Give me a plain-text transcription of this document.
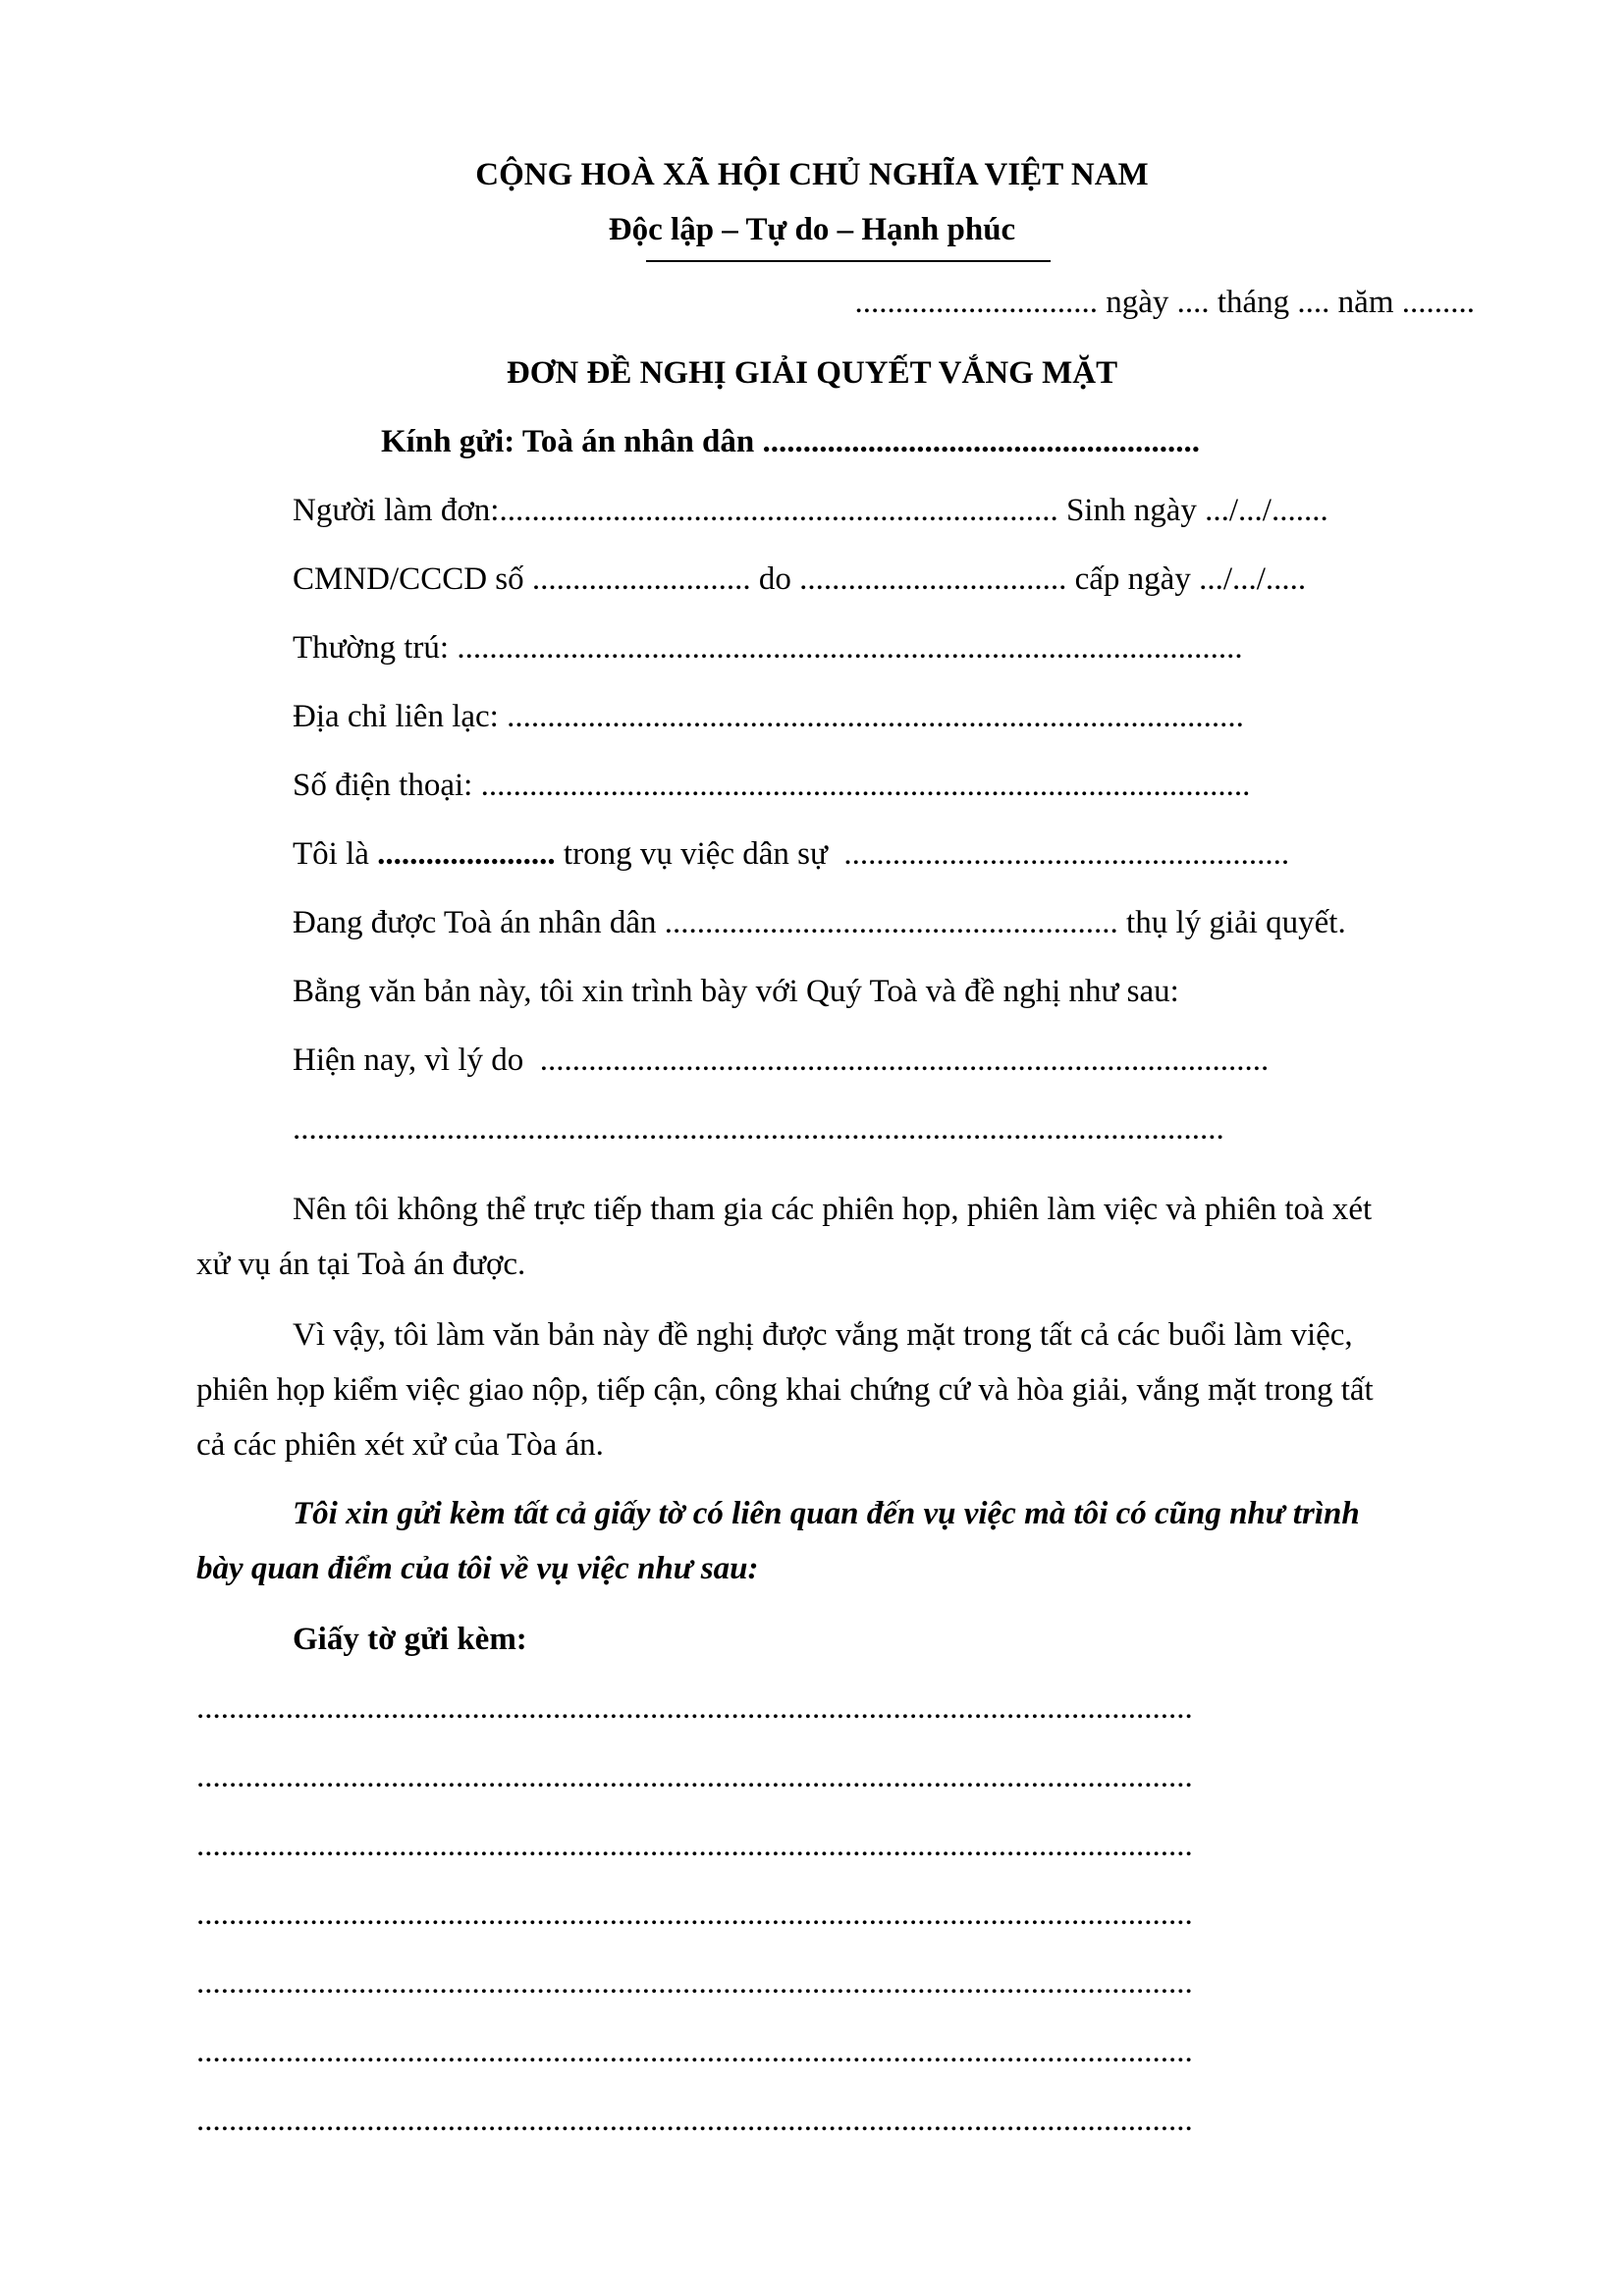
CỘNG HOÀ XÃ HỘI CHỦ NGHĨA VIỆT NAM
Độc lập – Tự do – Hạnh phúc
.............................. ngày .... tháng .... năm .........
ĐƠN ĐỀ NGHỊ GIẢI QUYẾT VẮNG MẶT
Kính gửi: Toà án nhân dân ......................................................
Người làm đơn:..................................................................... Sinh ngày .../.../.......
CMND/CCCD số ........................... do ................................. cấp ngày .../.../.....
Thường trú: .................................................................................................
Địa chỉ liên lạc: ...........................................................................................
Số điện thoại: ...............................................................................................
Tôi là ...................... trong vụ việc dân sự  .......................................................
Đang được Toà án nhân dân ........................................................ thụ lý giải quyết.
Bằng văn bản này, tôi xin trình bày với Quý Toà và đề nghị như sau:
Hiện nay, vì lý do  ..........................................................................................
...................................................................................................................
Nên tôi không thể trực tiếp tham gia các phiên họp, phiên làm việc và phiên toà xét
xử vụ án tại Toà án được.
Vì vậy, tôi làm văn bản này đề nghị được vắng mặt trong tất cả các buổi làm việc,
phiên họp kiểm việc giao nộp, tiếp cận, công khai chứng cứ và hòa giải, vắng mặt trong tất
cả các phiên xét xử của Tòa án.
Tôi xin gửi kèm tất cả giấy tờ có liên quan đến vụ việc mà tôi có cũng như trình
bày quan điểm của tôi về vụ việc như sau:
Giấy tờ gửi kèm:
...........................................................................................................................
...........................................................................................................................
...........................................................................................................................
...........................................................................................................................
...........................................................................................................................
...........................................................................................................................
...........................................................................................................................
